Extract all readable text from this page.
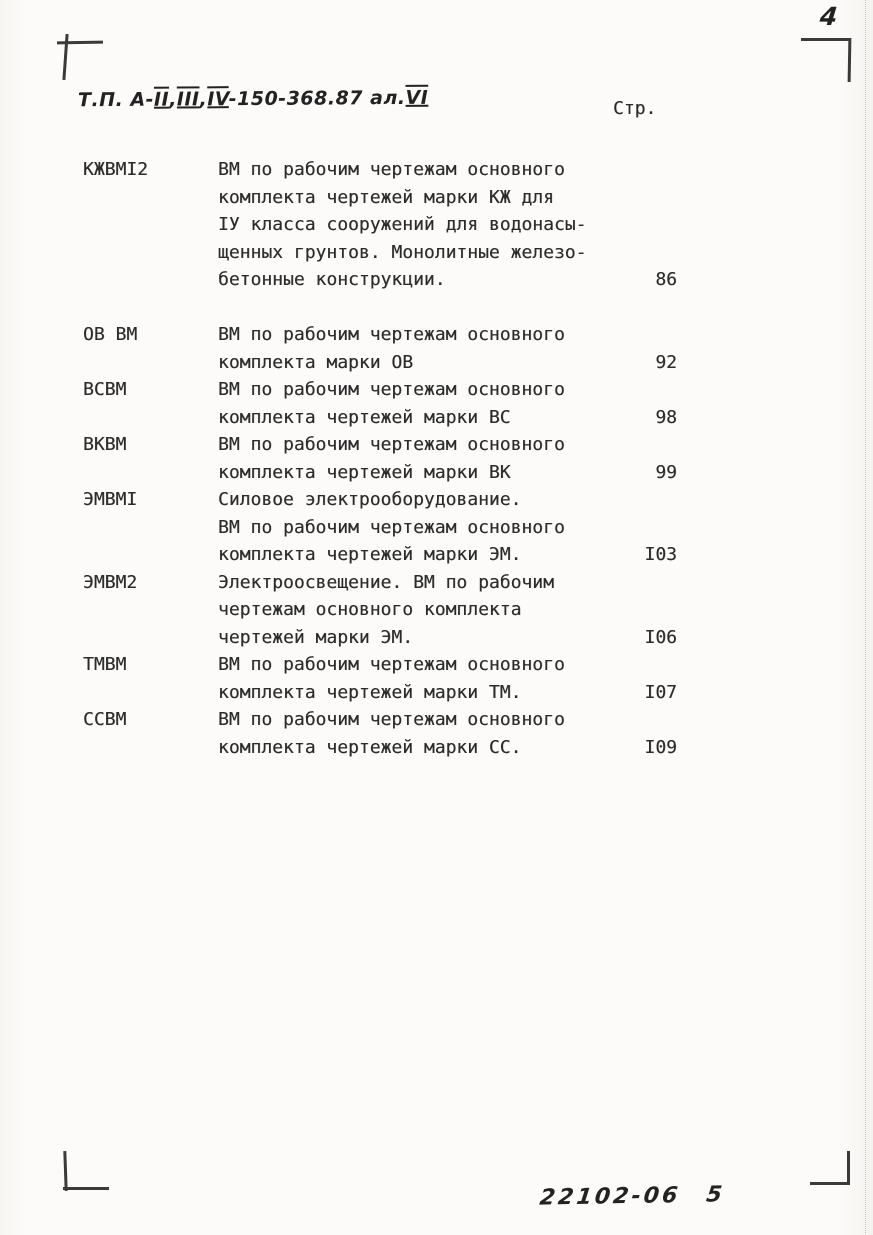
4
Т.П. А-II,III,IV-150-368.87 ал.VI	Стр.
КЖВМI2	ВМ по рабочим чертежам основного
комплекта чертежей марки КЖ для
IУ класса сооружений для водонасы-
щенных грунтов. Монолитные железо-
бетонные конструкции.	86
ОВ ВМ	ВМ по рабочим чертежам основного
комплекта марки ОВ	92
ВСВМ	ВМ по рабочим чертежам основного
комплекта чертежей марки ВС	98
ВКВМ	ВМ по рабочим чертежам основного
комплекта чертежей марки ВК	99
ЭМВМI	Силовое электрооборудование.
ВМ по рабочим чертежам основного
комплекта чертежей марки ЭМ.	I03
ЭМВМ2	Электроосвещение. ВМ по рабочим
чертежам основного комплекта
чертежей марки ЭМ.	I06
ТМВМ	ВМ по рабочим чертежам основного
комплекта чертежей марки ТМ.	I07
ССВМ	ВМ по рабочим чертежам основного
комплекта чертежей марки СС.	I09
22102-06 5
